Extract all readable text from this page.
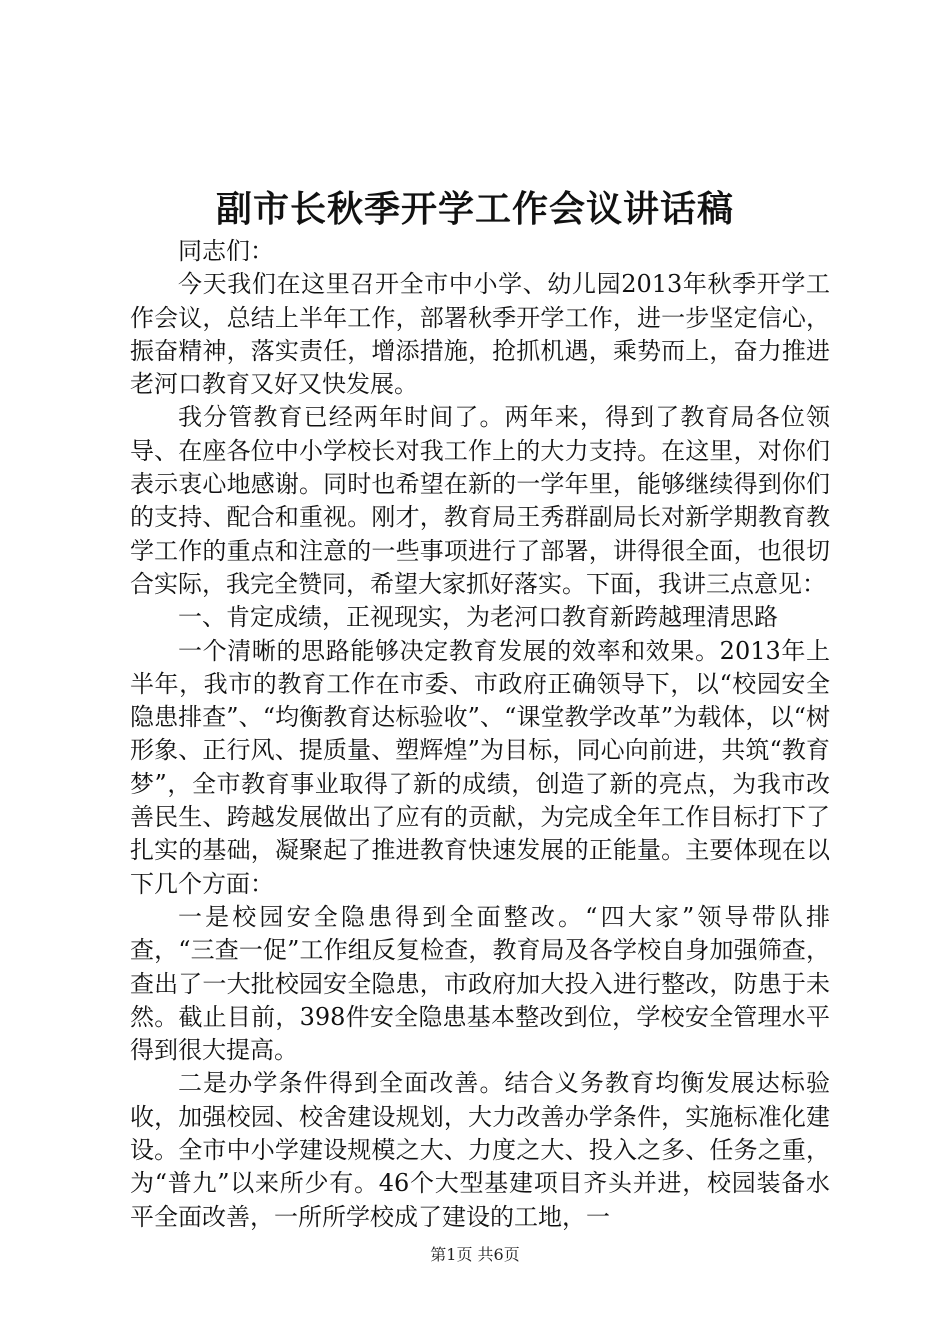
副市长秋季开学工作会议讲话稿

同志们：

今天我们在这里召开全市中小学、幼儿园2013年秋季开学工作会议，总结上半年工作，部署秋季开学工作，进一步坚定信心，振奋精神，落实责任，增添措施，抢抓机遇，乘势而上，奋力推进老河口教育又好又快发展。

我分管教育已经两年时间了。两年来，得到了教育局各位领导、在座各位中小学校长对我工作上的大力支持。在这里，对你们表示衷心地感谢。同时也希望在新的一学年里，能够继续得到你们的支持、配合和重视。刚才，教育局王秀群副局长对新学期教育教学工作的重点和注意的一些事项进行了部署，讲得很全面，也很切合实际，我完全赞同，希望大家抓好落实。下面，我讲三点意见：

一、肯定成绩，正视现实，为老河口教育新跨越理清思路

一个清晰的思路能够决定教育发展的效率和效果。2013年上半年，我市的教育工作在市委、市政府正确领导下，以“校园安全隐患排查”、“均衡教育达标验收”、“课堂教学改革”为载体，以“树形象、正行风、提质量、塑辉煌”为目标，同心向前进，共筑“教育梦”，全市教育事业取得了新的成绩，创造了新的亮点，为我市改善民生、跨越发展做出了应有的贡献，为完成全年工作目标打下了扎实的基础，凝聚起了推进教育快速发展的正能量。主要体现在以下几个方面：

一是校园安全隐患得到全面整改。“四大家”领导带队排查，“三查一促”工作组反复检查，教育局及各学校自身加强筛查，查出了一大批校园安全隐患，市政府加大投入进行整改，防患于未然。截止目前，398件安全隐患基本整改到位，学校安全管理水平得到很大提高。

二是办学条件得到全面改善。结合义务教育均衡发展达标验收，加强校园、校舍建设规划，大力改善办学条件，实施标准化建设。全市中小学建设规模之大、力度之大、投入之多、任务之重，为“普九”以来所少有。46个大型基建项目齐头并进，校园装备水平全面改善，一所所学校成了建设的工地，一

第1页 共6页
